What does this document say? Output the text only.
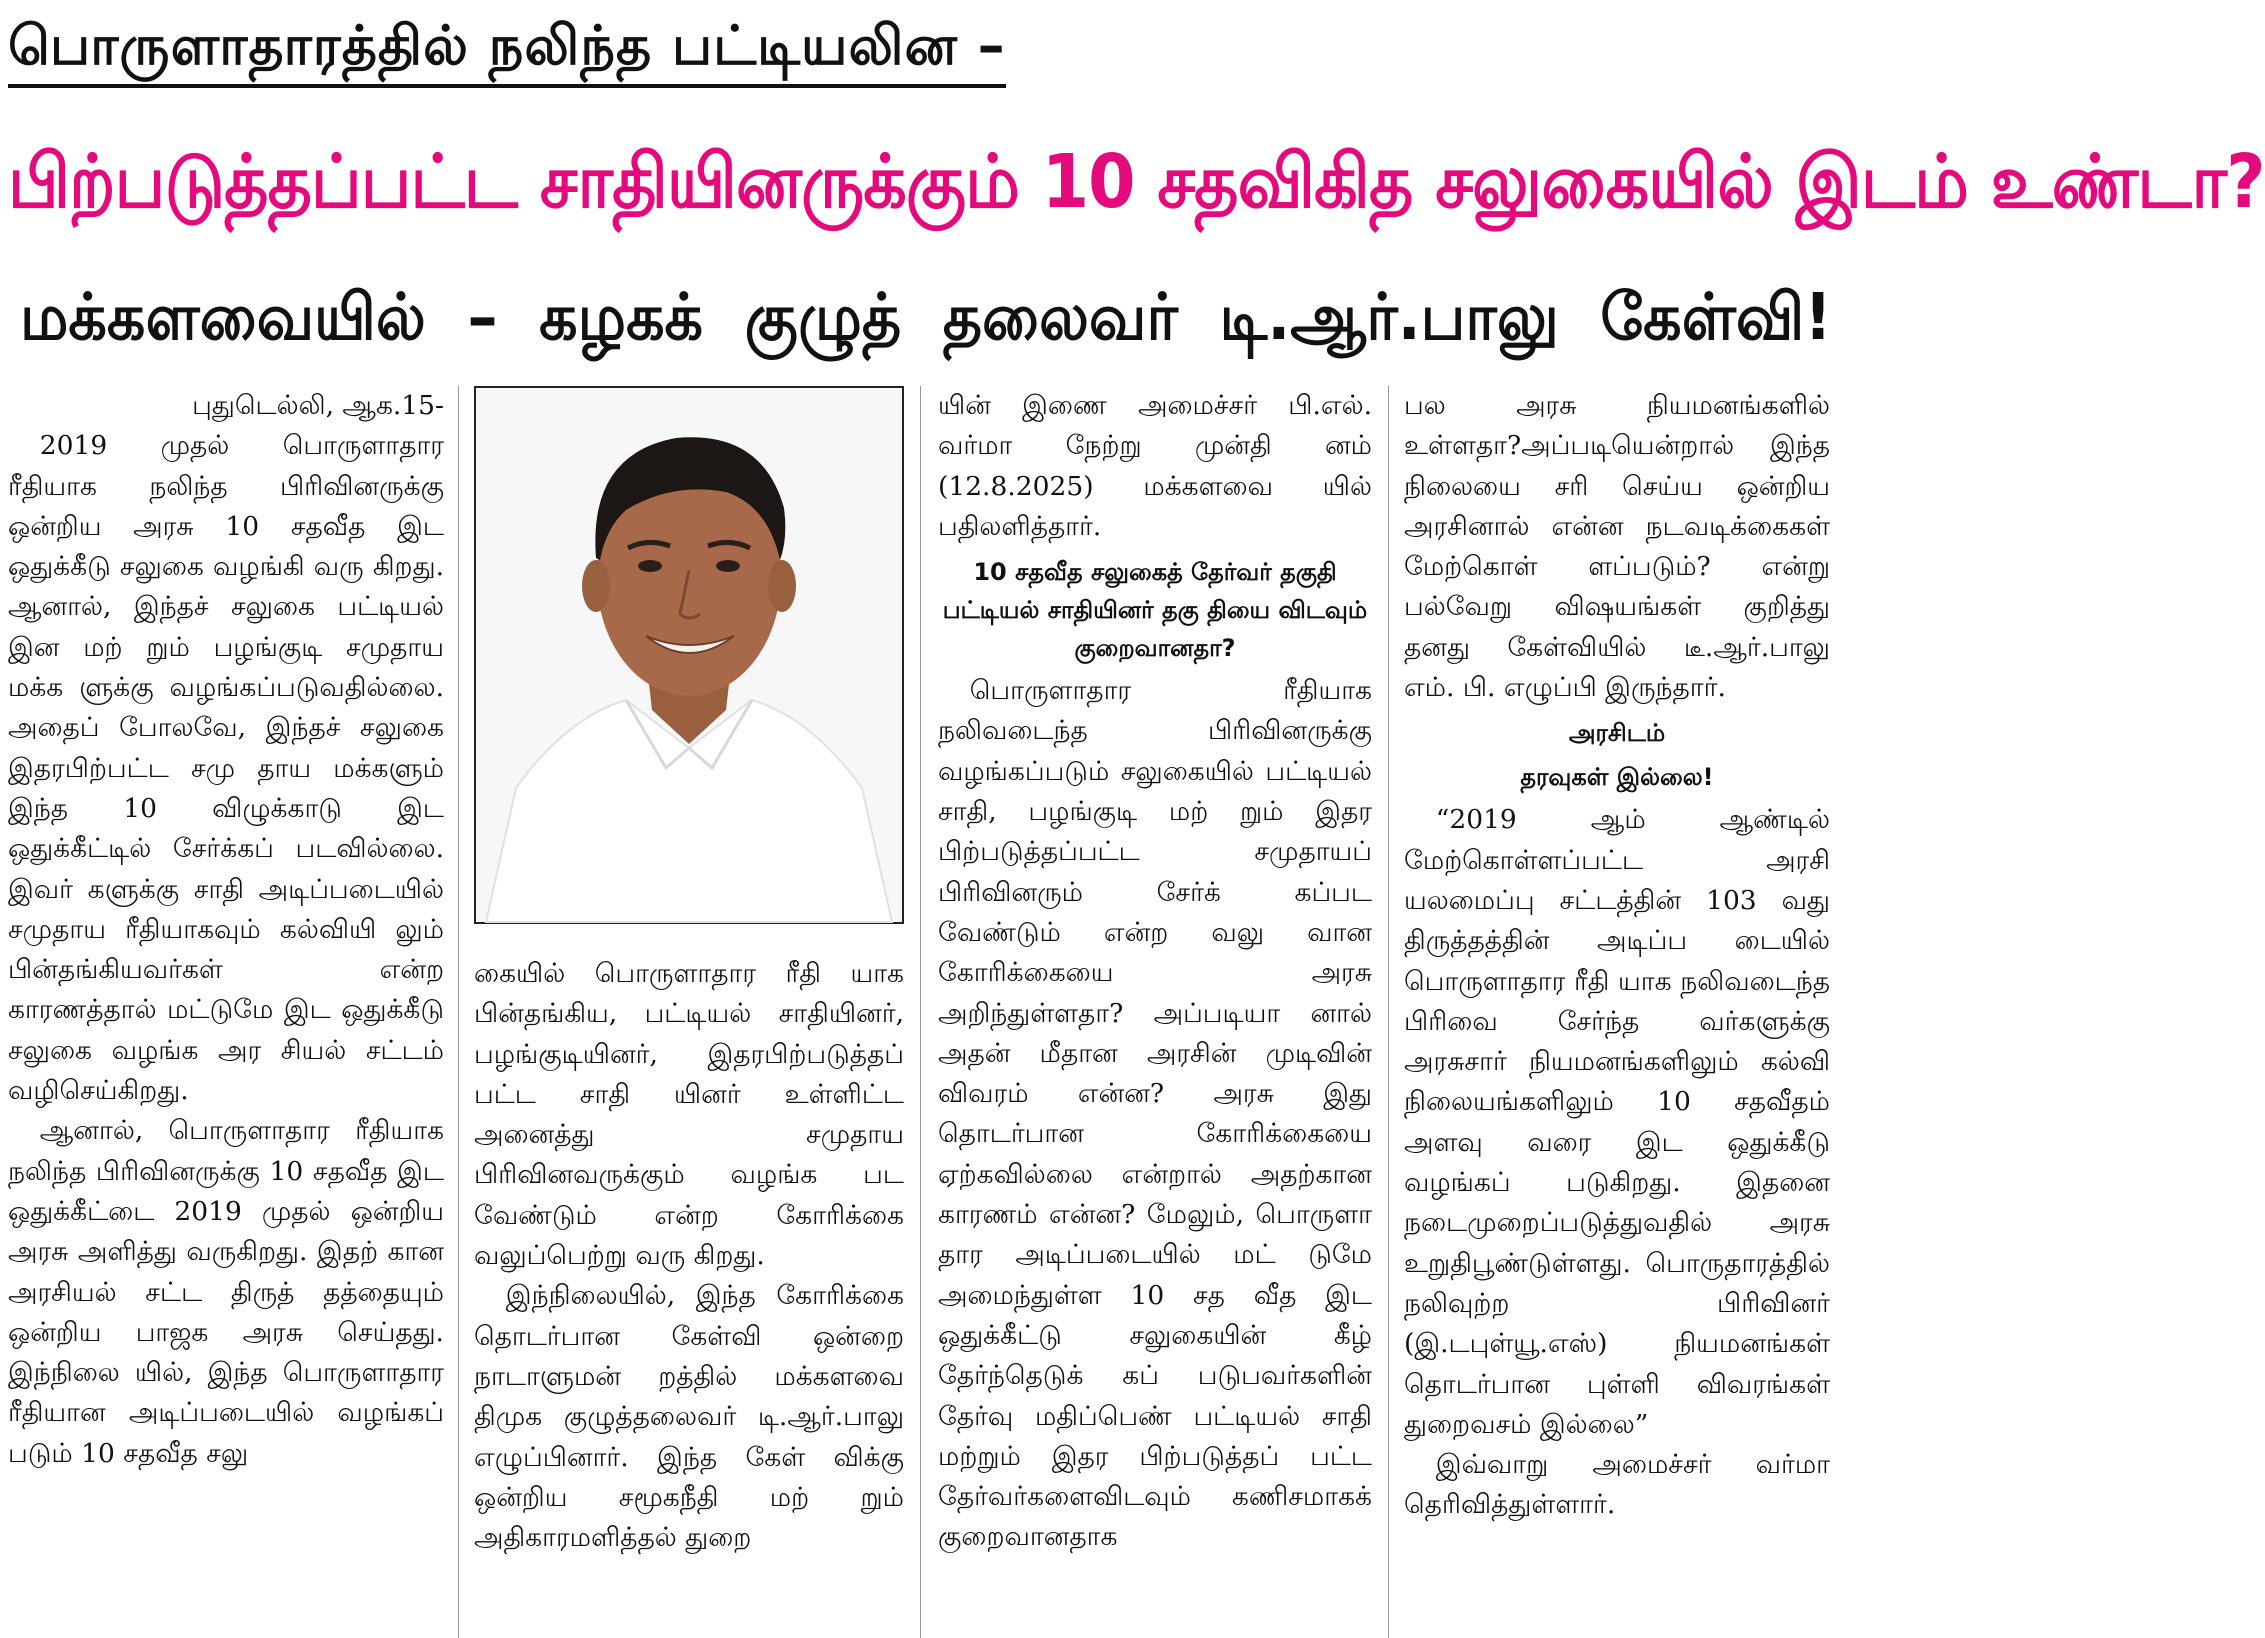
பொருளாதாரத்தில் நலிந்த பட்டியலின –
பிற்படுத்தப்பட்ட சாதியினருக்கும் 10 சதவிகித சலுகையில் இடம் உண்டா?
மக்களவையில் – கழகக் குழுத் தலைவர் டி.ஆர்.பாலு கேள்வி!

புதுடெல்லி, ஆக.15-

2019 முதல் பொருளாதார ரீதியாக நலிந்த பிரிவினருக்கு ஒன்றிய அரசு 10 சதவீத இட ஒதுக்கீடு சலுகை வழங்கி வரு கிறது. ஆனால், இந்தச் சலுகை பட்டியல் இன மற் றும் பழங்குடி சமுதாய மக்க ளுக்கு வழங்கப்படுவதில்லை. அதைப் போலவே, இந்தச் சலுகை இதரபிற்பட்ட சமு தாய மக்களும் இந்த 10 விழுக்காடு இட ஒதுக்கீட்டில் சேர்க்கப் படவில்லை. இவர் களுக்கு சாதி அடிப்படையில் சமுதாய ரீதியாகவும் கல்வியி லும் பின்தங்கியவர்கள் என்ற காரணத்தால் மட்டுமே இட ஒதுக்கீடு சலுகை வழங்க அர சியல் சட்டம் வழிசெய்கிறது.

ஆனால், பொருளாதார ரீதியாக நலிந்த பிரிவினருக்கு 10 சதவீத இட ஒதுக்கீட்டை 2019 முதல் ஒன்றிய அரசு அளித்து வருகிறது. இதற் கான அரசியல் சட்ட திருத் தத்தையும் ஒன்றிய பாஜக அரசு செய்தது. இந்நிலை யில், இந்த பொருளாதார ரீதியான அடிப்படையில் வழங்கப் படும் 10 சதவீத சலு

கையில் பொருளாதார ரீதி யாக பின்தங்கிய, பட்டியல் சாதியினர், பழங்குடியினர், இதரபிற்படுத்தப் பட்ட சாதி யினர் உள்ளிட்ட அனைத்து சமுதாய பிரிவினவருக்கும் வழங்க பட வேண்டும் என்ற கோரிக்கை வலுப்பெற்று வரு கிறது.

இந்நிலையில், இந்த கோரிக்கை தொடர்பான கேள்வி ஒன்றை நாடாளுமன் றத்தில் மக்களவை திமுக குழுத்தலைவர் டி.ஆர்.பாலு எழுப்பினார். இந்த கேள் விக்கு ஒன்றிய சமூகநீதி மற் றும் அதிகாரமளித்தல் துறை

யின் இணை அமைச்சர் பி.எல். வர்மா நேற்று முன்தி னம் (12.8.2025) மக்களவை யில் பதிலளித்தார்.

10 சதவீத சலுகைத் தேர்வர் தகுதி பட்டியல் சாதியினர் தகு தியை விடவும் குறைவானதா?

பொருளாதார ரீதியாக நலிவடைந்த பிரிவினருக்கு வழங்கப்படும் சலுகையில் பட்டியல் சாதி, பழங்குடி மற் றும் இதர பிற்படுத்தப்பட்ட சமுதாயப் பிரிவினரும் சேர்க் கப்பட வேண்டும் என்ற வலு வான கோரிக்கையை அரசு அறிந்துள்ளதா? அப்படியா னால் அதன் மீதான அரசின் முடிவின் விவரம் என்ன? அரசு இது தொடர்பான கோரிக்கையை ஏற்கவில்லை என்றால் அதற்கான காரணம் என்ன? மேலும், பொருளா தார அடிப்படையில் மட் டுமே அமைந்துள்ள 10 சத வீத இட ஒதுக்கீட்டு சலுகையின் கீழ் தேர்ந்தெடுக் கப் படுபவர்களின் தேர்வு மதிப்பெண் பட்டியல் சாதி மற்றும் இதர பிற்படுத்தப் பட்ட தேர்வர்களைவிடவும் கணிசமாகக் குறைவானதாக

பல அரசு நியமனங்களில் உள்ளதா?அப்படியென்றால் இந்த நிலையை சரி செய்ய ஒன்றிய அரசினால் என்ன நடவடிக்கைகள் மேற்கொள் ளப்படும்? என்று பல்வேறு விஷயங்கள் குறித்து தனது கேள்வியில் டீ.ஆர்.பாலு எம். பி. எழுப்பி இருந்தார்.

அரசிடம்
தரவுகள் இல்லை!

“2019 ஆம் ஆண்டில் மேற்கொள்ளப்பட்ட அரசி யலமைப்பு சட்டத்தின் 103 வது திருத்தத்தின் அடிப்ப டையில் பொருளாதார ரீதி யாக நலிவடைந்த பிரிவை சேர்ந்த வர்களுக்கு அரசுசார் நியமனங்களிலும் கல்வி நிலையங்களிலும் 10 சதவீதம் அளவு வரை இட ஒதுக்கீடு வழங்கப் படுகிறது. இதனை நடைமுறைப்படுத்துவதில் அரசு உறுதிபூண்டுள்ளது. பொருதாரத்தில் நலிவுற்ற பிரிவினர் (இ.டபுள்யூ.எஸ்) நியமனங்கள் தொடர்பான புள்ளி விவரங்கள் துறைவசம் இல்லை”

இவ்வாறு அமைச்சர் வர்மா தெரிவித்துள்ளார்.
